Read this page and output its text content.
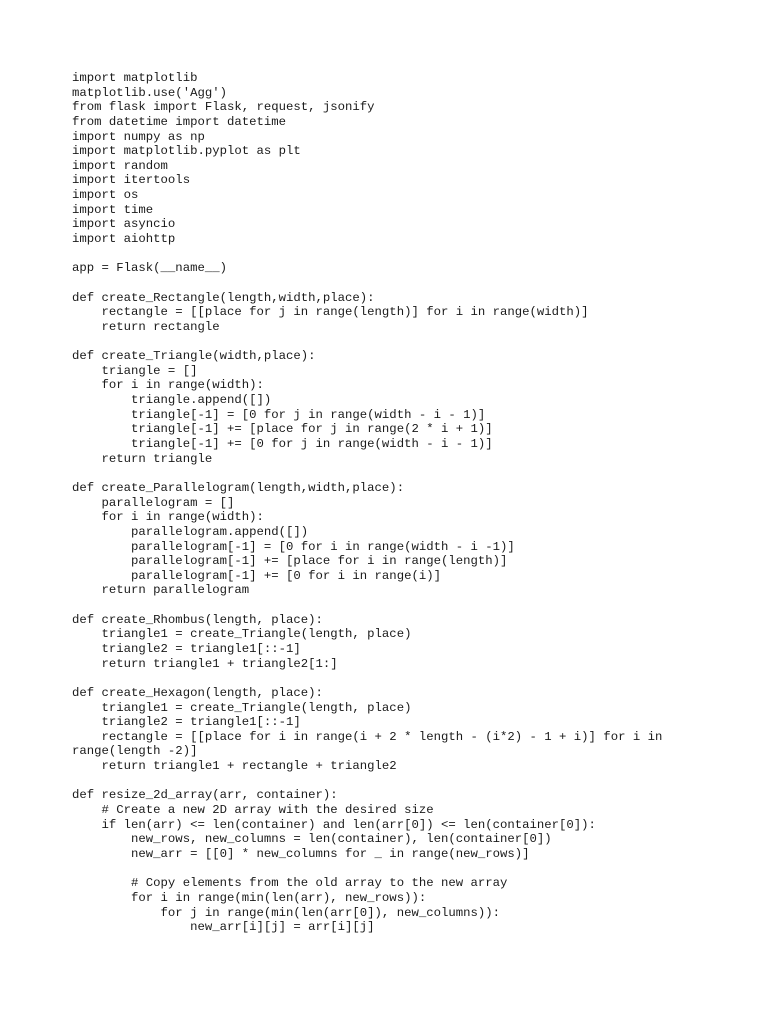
import matplotlib
matplotlib.use('Agg')
from flask import Flask, request, jsonify
from datetime import datetime
import numpy as np
import matplotlib.pyplot as plt
import random
import itertools
import os
import time
import asyncio
import aiohttp
app = Flask(__name__)
def create_Rectangle(length,width,place):
rectangle = [[place for j in range(length)] for i in range(width)]
return rectangle
def create_Triangle(width,place):
triangle = []
for i in range(width):
triangle.append([])
triangle[-1] = [0 for j in range(width - i - 1)]
triangle[-1] += [place for j in range(2 * i + 1)]
triangle[-1] += [0 for j in range(width - i - 1)]
return triangle
def create_Parallelogram(length,width,place):
parallelogram = []
for i in range(width):
parallelogram.append([])
parallelogram[-1] = [0 for i in range(width - i -1)]
parallelogram[-1] += [place for i in range(length)]
parallelogram[-1] += [0 for i in range(i)]
return parallelogram
def create_Rhombus(length, place):
triangle1 = create_Triangle(length, place)
triangle2 = triangle1[::-1]
return triangle1 + triangle2[1:]
def create_Hexagon(length, place):
triangle1 = create_Triangle(length, place)
triangle2 = triangle1[::-1]
rectangle = [[place for i in range(i + 2 * length - (i*2) - 1 + i)] for i in
range(length -2)]
return triangle1 + rectangle + triangle2
def resize_2d_array(arr, container):
# Create a new 2D array with the desired size
if len(arr) <= len(container) and len(arr[0]) <= len(container[0]):
new_rows, new_columns = len(container), len(container[0])
new_arr = [[0] * new_columns for _ in range(new_rows)]
# Copy elements from the old array to the new array
for i in range(min(len(arr), new_rows)):
for j in range(min(len(arr[0]), new_columns)):
new_arr[i][j] = arr[i][j]
